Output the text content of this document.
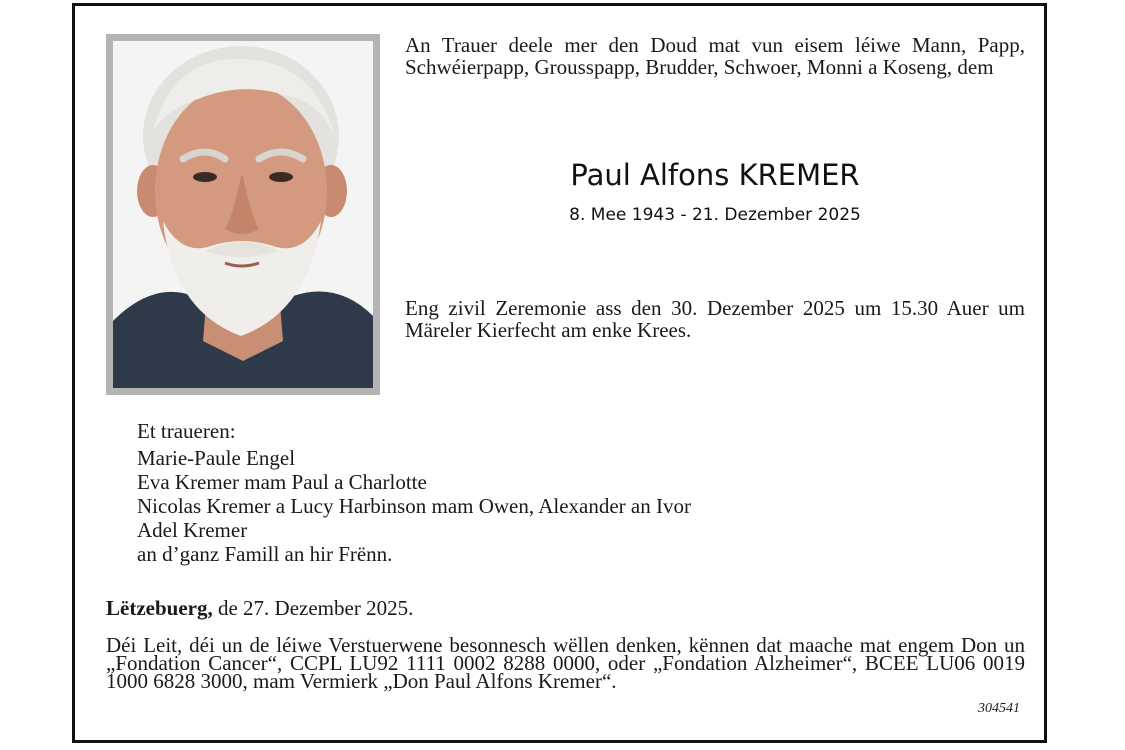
An Trauer deele mer den Doud mat vun eisem léiwe Mann, Papp, Schwéierpapp, Grousspapp, Brudder, Schwoer, Monni a Koseng, dem

Paul Alfons KREMER

8. Mee 1943 - 21. Dezember 2025

Eng zivil Zeremonie ass den 30. Dezember 2025 um 15.30 Auer um Märeler Kierfecht am enke Krees.

Et traueren:

Marie-Paule Engel
Eva Kremer mam Paul a Charlotte
Nicolas Kremer a Lucy Harbinson mam Owen, Alexander an Ivor
Adel Kremer
an d’ganz Famill an hir Frënn.

Lëtzebuerg, de 27. Dezember 2025.

Déi Leit, déi un de léiwe Verstuerwene besonnesch wëllen denken, kënnen dat maache mat engem Don un „Fondation Cancer“, CCPL LU92 1111 0002 8288 0000, oder „Fondation Alzheimer“, BCEE LU06 0019 1000 6828 3000, mam Vermierk „Don Paul Alfons Kremer“.

304541
